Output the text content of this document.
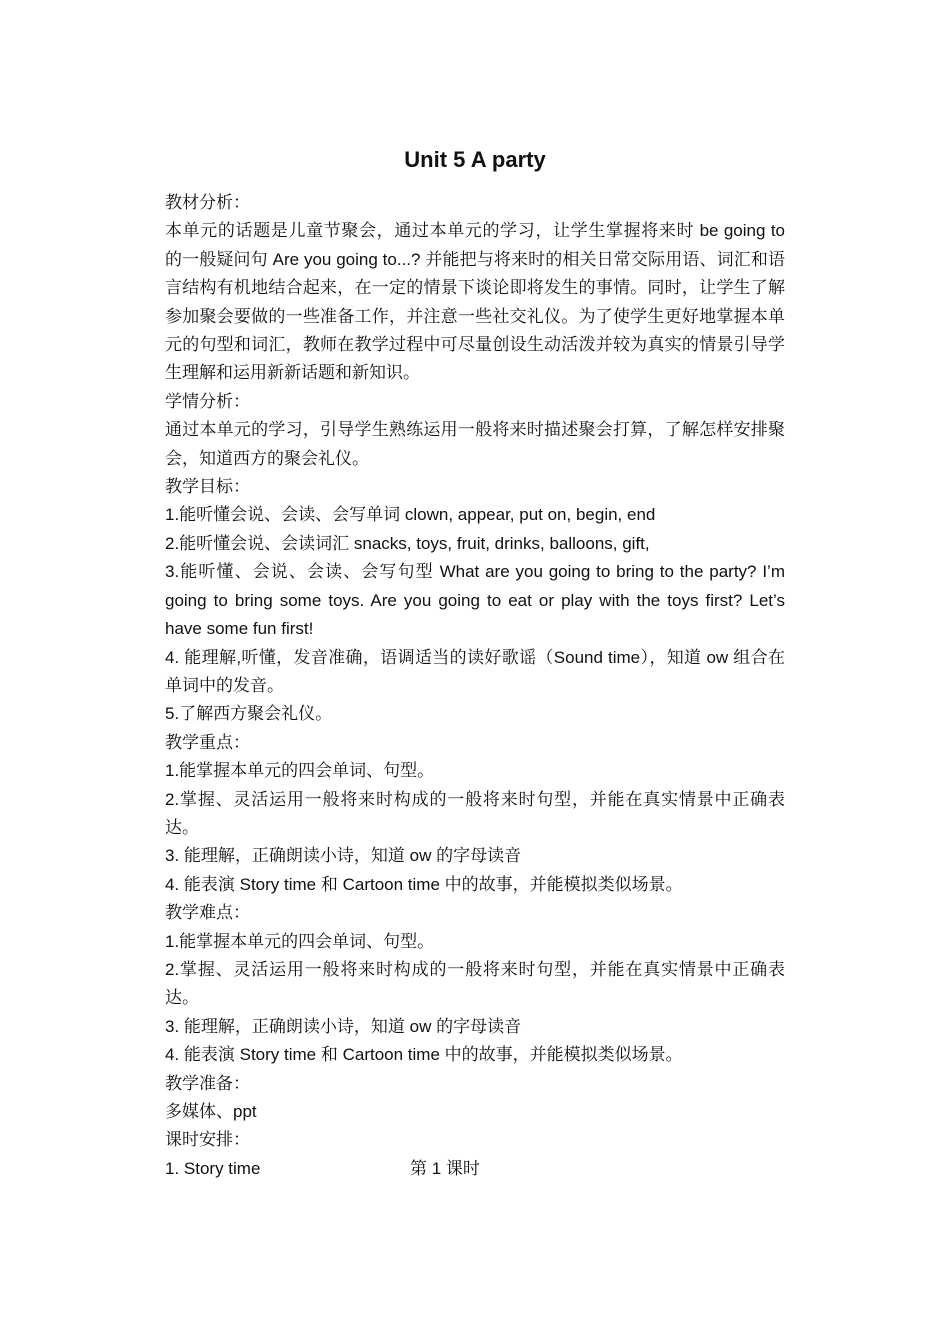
Unit 5 A party

教材分析：

本单元的话题是儿童节聚会，通过本单元的学习，让学生掌握将来时 be going to 的一般疑问句 Are you going to...? 并能把与将来时的相关日常交际用语、词汇和语言结构有机地结合起来，在一定的情景下谈论即将发生的事情。同时，让学生了解参加聚会要做的一些准备工作，并注意一些社交礼仪。为了使学生更好地掌握本单元的句型和词汇，教师在教学过程中可尽量创设生动活泼并较为真实的情景引导学生理解和运用新新话题和新知识。

学情分析：

通过本单元的学习，引导学生熟练运用一般将来时描述聚会打算，了解怎样安排聚会，知道西方的聚会礼仪。

教学目标：

1.能听懂会说、会读、会写单词 clown, appear, put on, begin, end

2.能听懂会说、会读词汇 snacks, toys, fruit, drinks, balloons, gift,

3.能听懂、会说、会读、会写句型 What are you going to bring to the party? I’m going to bring some toys. Are you going to eat or play with the toys first? Let’s have some fun first!

4. 能理解,听懂，发音准确，语调适当的读好歌谣（Sound time），知道 ow 组合在单词中的发音。

5.了解西方聚会礼仪。

教学重点：

1.能掌握本单元的四会单词、句型。

2.掌握、灵活运用一般将来时构成的一般将来时句型，并能在真实情景中正确表达。

3. 能理解，正确朗读小诗，知道 ow 的字母读音

4. 能表演 Story time 和 Cartoon time 中的故事，并能模拟类似场景。

教学难点：

1.能掌握本单元的四会单词、句型。

2.掌握、灵活运用一般将来时构成的一般将来时句型，并能在真实情景中正确表达。

3. 能理解，正确朗读小诗，知道 ow 的字母读音

4. 能表演 Story time 和 Cartoon time 中的故事，并能模拟类似场景。

教学准备：

多媒体、ppt

课时安排：

1. Story time	第 1 课时
